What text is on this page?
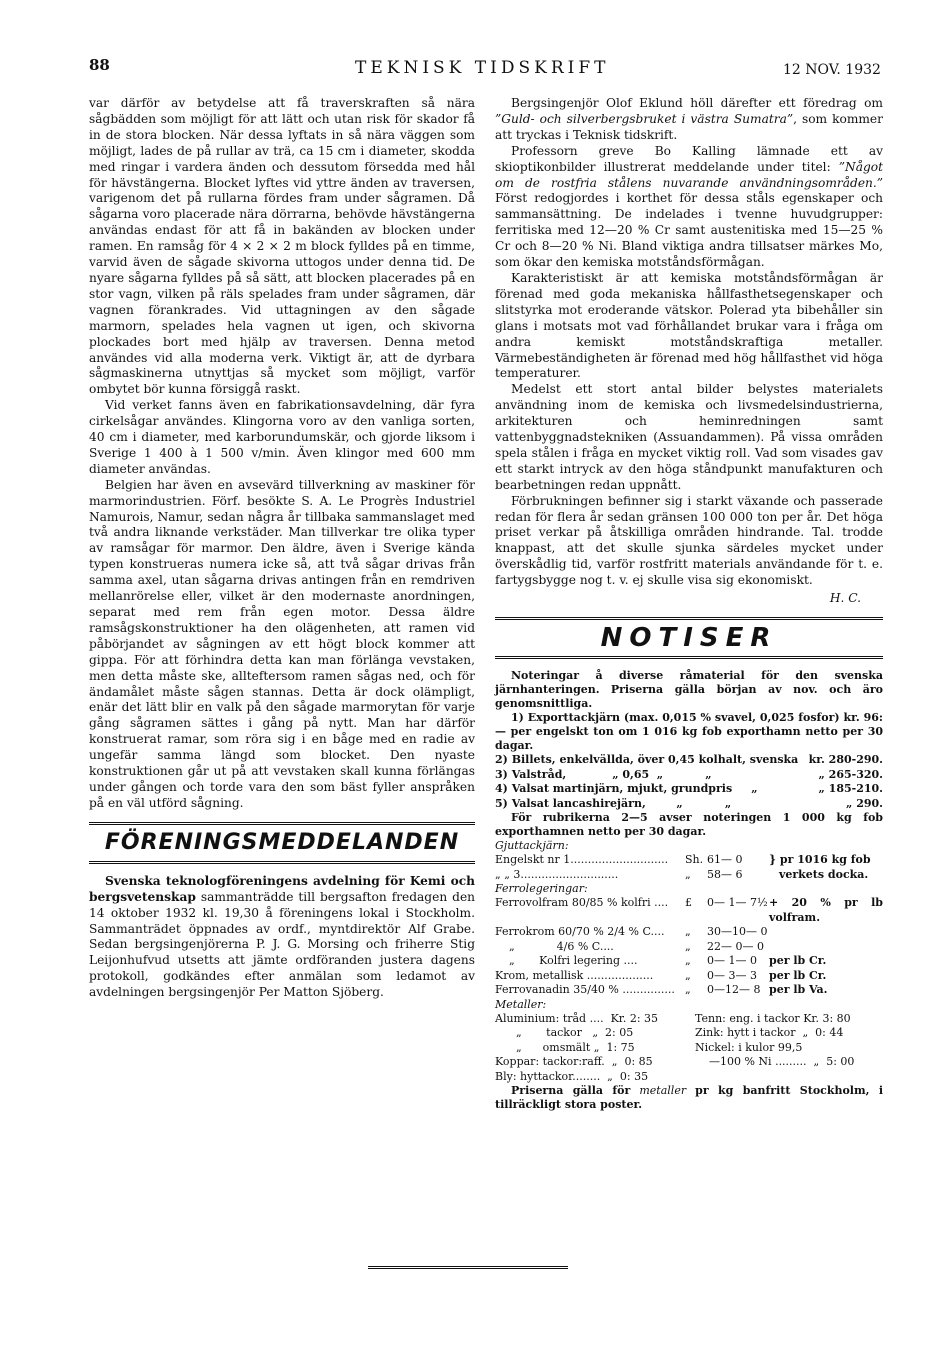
88	TEKNISK TIDSKRIFT	12 NOV. 1932

var därför av betydelse att få traverskraften så nära sågbädden som möjligt för att lätt och utan risk för skador få in de stora blocken. När dessa lyftats in så nära väggen som möjligt, lades de på rullar av trä, ca 15 cm i diameter, skodda med ringar i vardera änden och dessutom försedda med hål för hävstängerna. Blocket lyftes vid yttre änden av traversen, varigenom det på rullarna fördes fram under sågramen. Då sågarna voro placerade nära dörrarna, behövde hävstängerna användas endast för att få in bakänden av blocken under ramen. En ramsåg för 4 × 2 × 2 m block fylldes på en timme, varvid även de sågade skivorna uttogos under denna tid. De nyare sågarna fylldes på så sätt, att blocken placerades på en stor vagn, vilken på räls spelades fram under sågramen, där vagnen förankrades. Vid uttagningen av den sågade marmorn, spelades hela vagnen ut igen, och skivorna plockades bort med hjälp av traversen. Denna metod användes vid alla moderna verk. Viktigt är, att de dyrbara sågmaskinerna utnyttjas så mycket som möjligt, varför ombytet bör kunna försiggå raskt.

Vid verket fanns även en fabrikationsavdelning, där fyra cirkelsågar användes. Klingorna voro av den vanliga sorten, 40 cm i diameter, med karborundumskär, och gjorde liksom i Sverige 1 400 à 1 500 v/min. Även klingor med 600 mm diameter användas.

Belgien har även en avsevärd tillverkning av maskiner för marmorindustrien. Förf. besökte S. A. Le Progrès Industriel Namurois, Namur, sedan några år tillbaka sammanslaget med två andra liknande verkstäder. Man tillverkar tre olika typer av ramsågar för marmor. Den äldre, även i Sverige kända typen konstrueras numera icke så, att två sågar drivas från samma axel, utan sågarna drivas antingen från en remdriven mellanrörelse eller, vilket är den modernaste anordningen, separat med rem från egen motor. Dessa äldre ramsågskonstruktioner ha den olägenheten, att ramen vid påbörjandet av sågningen av ett högt block kommer att gippa. För att förhindra detta kan man förlänga vevstaken, men detta måste ske, allteftersom ramen sågas ned, och för ändamålet måste sågen stannas. Detta är dock olämpligt, enär det lätt blir en valk på den sågade marmorytan för varje gång sågramen sättes i gång på nytt. Man har därför konstruerat ramar, som röra sig i en båge med en radie av ungefär samma längd som blocket. Den nyaste konstruktionen går ut på att vevstaken skall kunna förlängas under gången och torde vara den som bäst fyller anspråken på en väl utförd sågning.

FÖRENINGSMEDDELANDEN

Svenska teknologföreningens avdelning för Kemi och bergsvetenskap sammanträdde till bergsafton fredagen den 14 oktober 1932 kl. 19,30 å föreningens lokal i Stockholm. Sammanträdet öppnades av ordf., myntdirektör Alf Grabe. Sedan bergsingenjörerna P. J. G. Morsing och friherre Stig Leijonhufvud utsetts att jämte ordföranden justera dagens protokoll, godkändes efter anmälan som ledamot av avdelningen bergsingenjör Per Matton Sjöberg.

Bergsingenjör Olof Eklund höll därefter ett föredrag om ”Guld- och silverbergsbruket i västra Sumatra”, som kommer att tryckas i Teknisk tidskrift.

Professorn greve Bo Kalling lämnade ett av skioptikonbilder illustrerat meddelande under titel: ”Något om de rostfria stålens nuvarande användningsområden.” Först redogjordes i korthet för dessa ståls egenskaper och sammansättning. De indelades i tvenne huvudgrupper: ferritiska med 12—20 % Cr samt austenitiska med 15—25 % Cr och 8—20 % Ni. Bland viktiga andra tillsatser märkes Mo, som ökar den kemiska motståndsförmågan.

Karakteristiskt är att kemiska motståndsförmågan är förenad med goda mekaniska hållfasthetsegenskaper och slitstyrka mot eroderande vätskor. Polerad yta bibehåller sin glans i motsats mot vad förhållandet brukar vara i fråga om andra kemiskt motståndskraftiga metaller. Värmebeständigheten är förenad med hög hållfasthet vid höga temperaturer.

Medelst ett stort antal bilder belystes materialets användning inom de kemiska och livsmedelsindustrierna, arkitekturen och heminredningen samt vattenbyggnadstekniken (Assuandammen). På vissa områden spela stålen i fråga en mycket viktig roll. Vad som visades gav ett starkt intryck av den höga ståndpunkt manufakturen och bearbetningen redan uppnått.

Förbrukningen befinner sig i starkt växande och passerade redan för flera år sedan gränsen 100 000 ton per år. Det höga priset verkar på åtskilliga områden hindrande. Tal. trodde knappast, att det skulle sjunka särdeles mycket under överskådlig tid, varför rostfritt materials användande för t. e. fartygsbygge nog t. v. ej skulle visa sig ekonomiskt.

H. C.
NOTISER

Noteringar å diverse råmaterial för den svenska järnhanteringen. Priserna gälla början av nov. och äro genomsnittliga.

1) Exporttackjärn (max. 0,015 % svavel, 0,025 fosfor) kr. 96:— per engelskt ton om 1 016 kg fob exporthamn netto per 30 dagar.

2) Billets, enkelvällda, över 0,45 kolhalt, svenska	kr. 280-290.
3) Valstråd,            „ 0,65  „           „	„ 265-320.
4) Valsat martinjärn, mjukt, grundpris     „	„ 185-210.
5) Valsat lancashirejärn,        „           „	„ 290.

För rubrikerna 2—5 avser noteringen 1 000 kg fob exporthamnen netto per 30 dagar.

Gjuttackjärn:
Engelskt nr 1............................	Sh.	61— 0	} pr 1016 kg fob
„ „ 3............................	„	58— 6	verkets docka.
Ferrolegeringar:
Ferrovolfram 80/85 % kolfri ....	£	0— 1— 7½	+ 20 % pr lb volfram.
Ferrokrom 60/70 % 2/4 % C....	„	30—10— 0	
„            4/6 % C....	„	22— 0— 0	
„       Kolfri legering ....	„	0— 1— 0	per lb Cr.
Krom, metallisk ...................	„	0— 3— 3	per lb Cr.
Ferrovanadin 35/40 % ...............	„	0—12— 8	per lb Va.
Metaller:
Aluminium: tråd ....  Kr. 2: 35	Tenn: eng. i tackor Kr. 3: 80
„       tackor   „  2: 05	Zink: hytt i tackor  „  0: 44
„      omsmält „  1: 75	Nickel: i kulor 99,5
Koppar: tackor:raff.  „  0: 85	—100 % Ni .........  „  5: 00
Bly: hyttackor........  „  0: 35	

Priserna gälla för metaller pr kg banfritt Stockholm, i tillräckligt stora poster.
